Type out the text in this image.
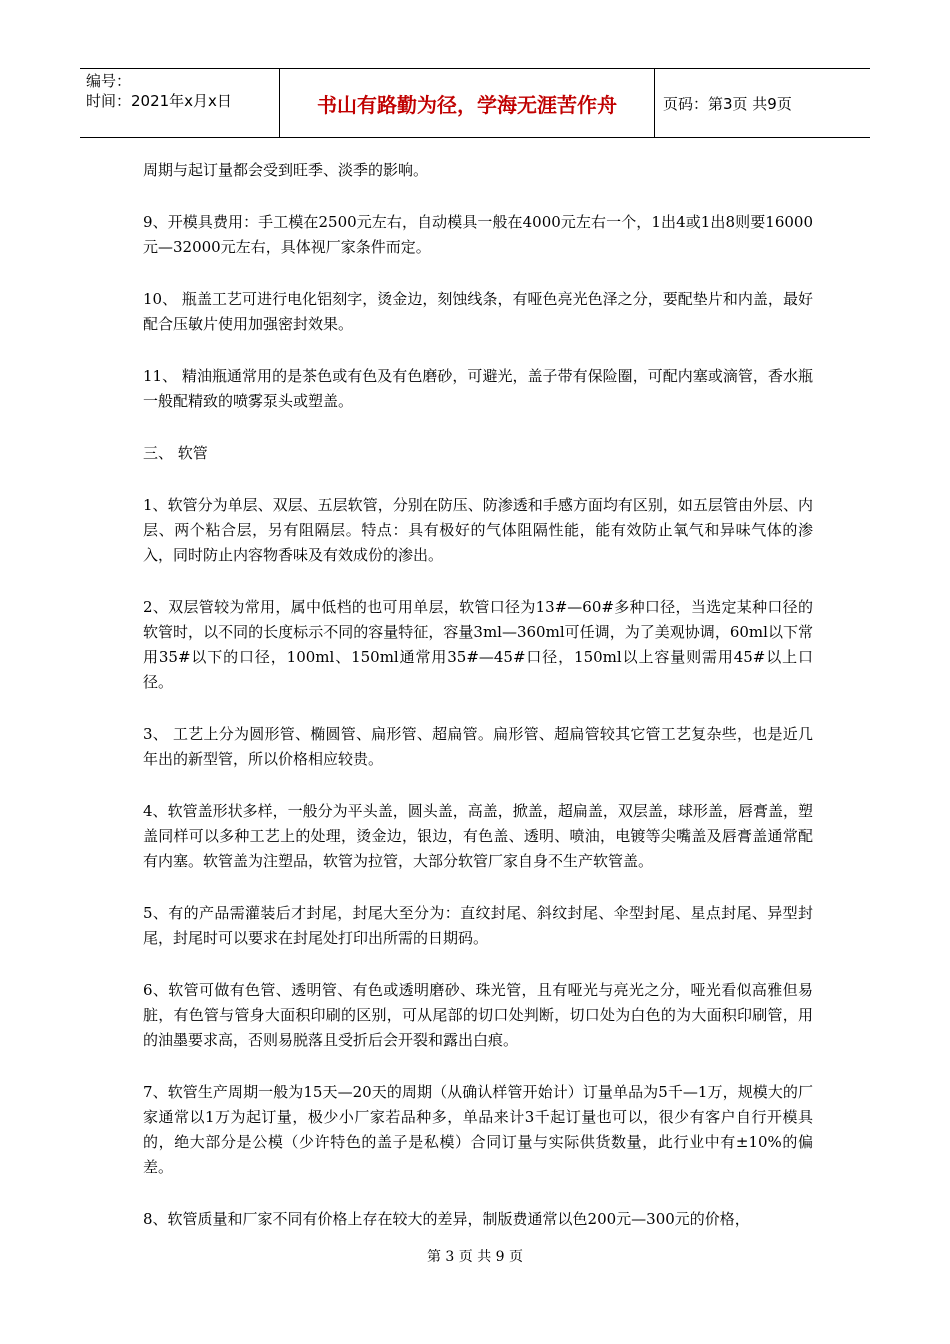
编号：
时间：2021年x月x日	书山有路勤为径，学海无涯苦作舟	页码：第3页 共9页

周期与起订量都会受到旺季、淡季的影响。

9、开模具费用：手工模在2500元左右，自动模具一般在4000元左右一个，1出4或1出8则要16000元—32000元左右，具体视厂家条件而定。

10、 瓶盖工艺可进行电化铝刻字，烫金边，刻蚀线条，有哑色亮光色泽之分，要配垫片和内盖，最好配合压敏片使用加强密封效果。

11、 精油瓶通常用的是茶色或有色及有色磨砂，可避光，盖子带有保险圈，可配内塞或滴管，香水瓶一般配精致的喷雾泵头或塑盖。

三、 软管

1、软管分为单层、双层、五层软管，分别在防压、防渗透和手感方面均有区别，如五层管由外层、内层、两个粘合层，另有阻隔层。特点：具有极好的气体阻隔性能，能有效防止氧气和异味气体的渗入，同时防止内容物香味及有效成份的渗出。

2、双层管较为常用，属中低档的也可用单层，软管口径为13#—60#多种口径，当选定某种口径的软管时，以不同的长度标示不同的容量特征，容量3ml—360ml可任调，为了美观协调，60ml以下常用35#以下的口径，100ml、150ml通常用35#—45#口径，150ml以上容量则需用45#以上口径。

3、 工艺上分为圆形管、椭圆管、扁形管、超扁管。扁形管、超扁管较其它管工艺复杂些，也是近几年出的新型管，所以价格相应较贵。

4、软管盖形状多样，一般分为平头盖，圆头盖，高盖，掀盖，超扁盖，双层盖，球形盖，唇膏盖，塑盖同样可以多种工艺上的处理，烫金边，银边，有色盖、透明、喷油，电镀等尖嘴盖及唇膏盖通常配有内塞。软管盖为注塑品，软管为拉管，大部分软管厂家自身不生产软管盖。

5、有的产品需灌装后才封尾，封尾大至分为：直纹封尾、斜纹封尾、伞型封尾、星点封尾、异型封尾，封尾时可以要求在封尾处打印出所需的日期码。

6、软管可做有色管、透明管、有色或透明磨砂、珠光管，且有哑光与亮光之分，哑光看似高雅但易脏，有色管与管身大面积印刷的区别，可从尾部的切口处判断，切口处为白色的为大面积印刷管，用的油墨要求高，否则易脱落且受折后会开裂和露出白痕。

7、软管生产周期一般为15天—20天的周期（从确认样管开始计）订量单品为5千—1万，规模大的厂家通常以1万为起订量，极少小厂家若品种多，单品来计3千起订量也可以，很少有客户自行开模具的，绝大部分是公模（少许特色的盖子是私模）合同订量与实际供货数量，此行业中有±10%的偏差。

8、软管质量和厂家不同有价格上存在较大的差异，制版费通常以色200元—300元的价格，

第 3 页 共 9 页
